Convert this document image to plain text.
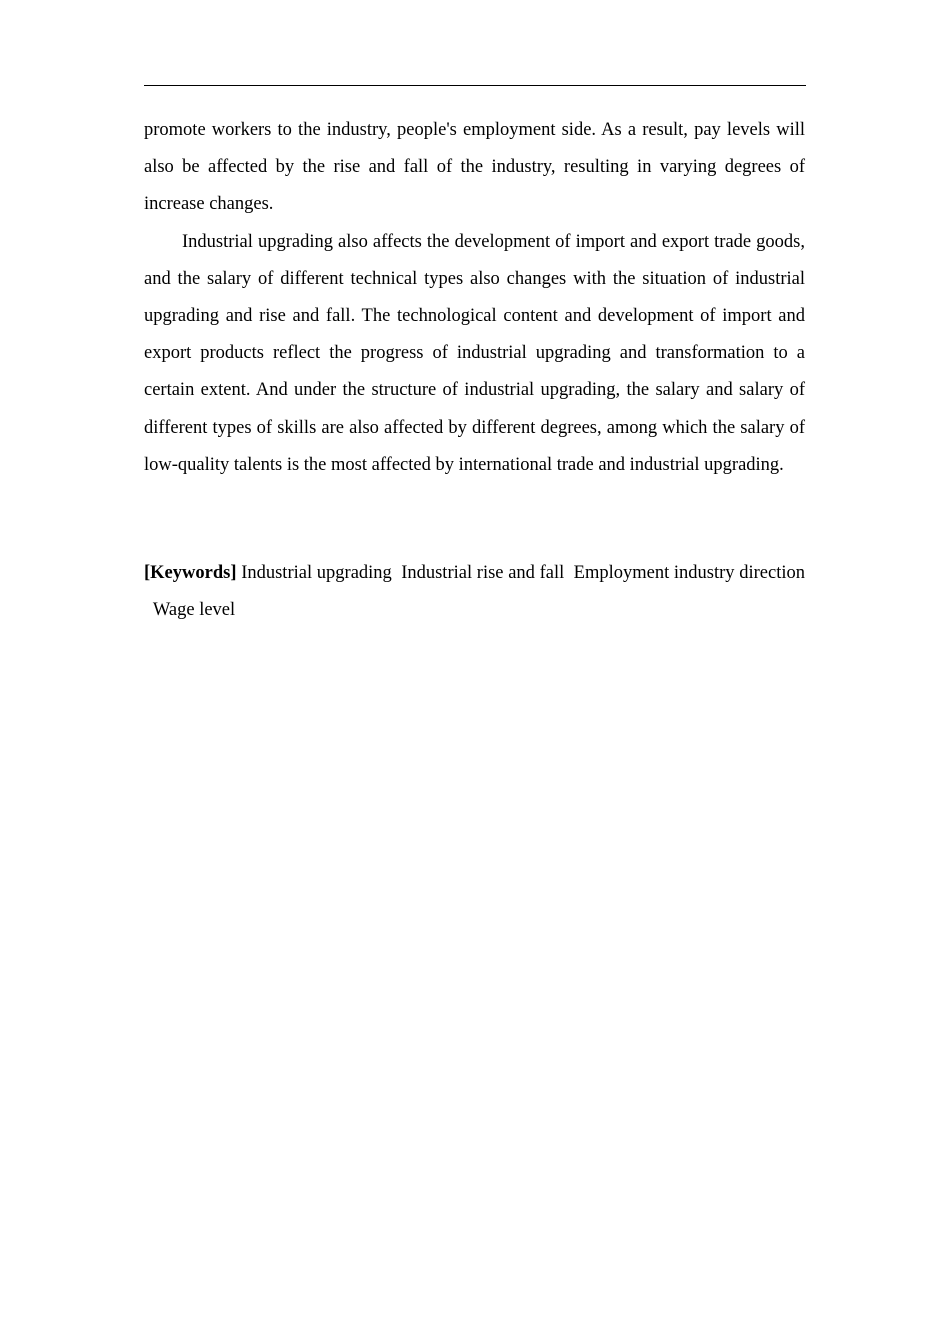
promote workers to the industry, people's employment side. As a result, pay levels will also be affected by the rise and fall of the industry, resulting in varying degrees of increase changes.

Industrial upgrading also affects the development of import and export trade goods, and the salary of different technical types also changes with the situation of industrial upgrading and rise and fall. The technological content and development of import and export products reflect the progress of industrial upgrading and transformation to a certain extent. And under the structure of industrial upgrading, the salary and salary of different types of skills are also affected by different degrees, among which the salary of low-quality talents is the most affected by international trade and industrial upgrading.

[Keywords] Industrial upgrading Industrial rise and fall Employment industry direction  Wage level
